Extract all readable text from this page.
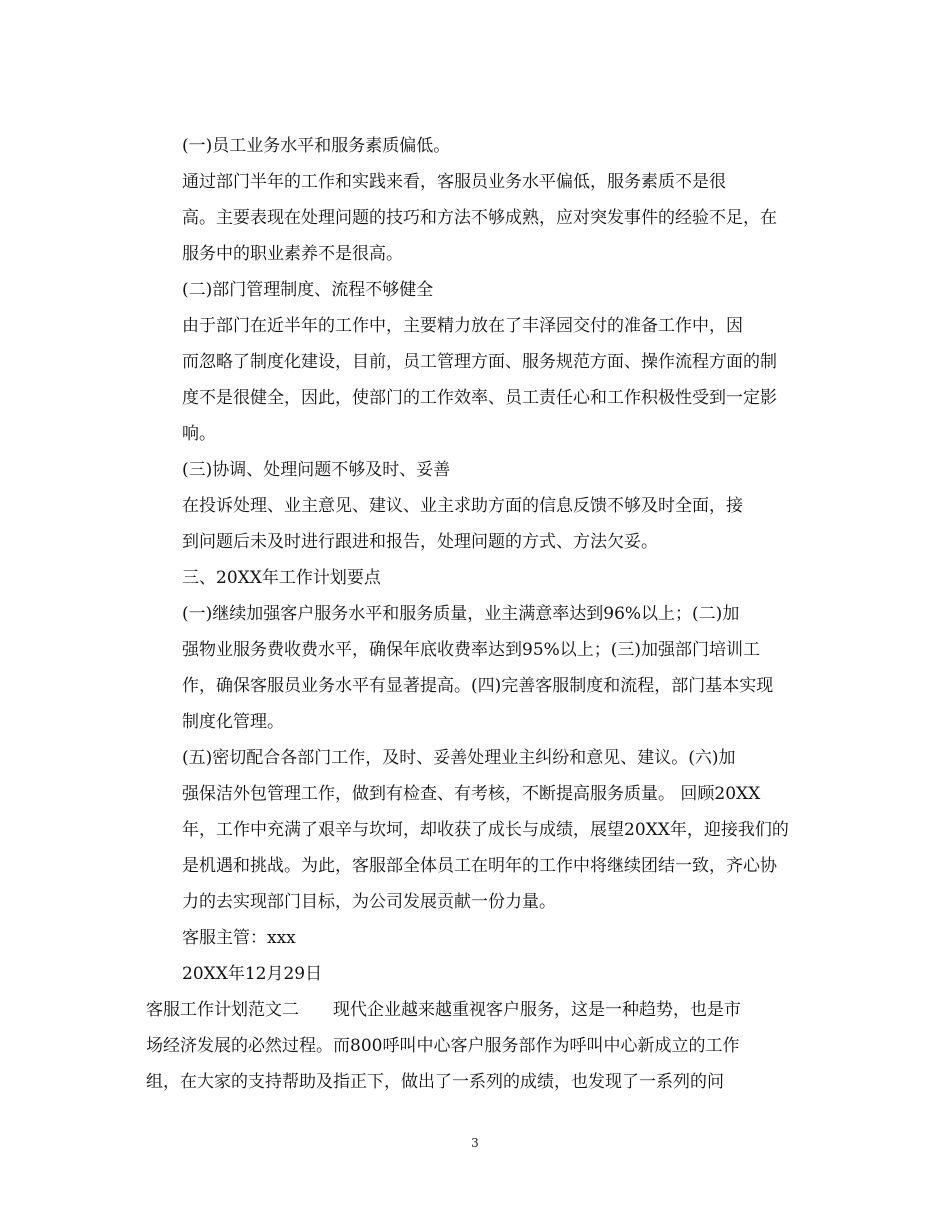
(一)员工业务水平和服务素质偏低。
通过部门半年的工作和实践来看，客服员业务水平偏低，服务素质不是很
高。主要表现在处理问题的技巧和方法不够成熟，应对突发事件的经验不足，在
服务中的职业素养不是很高。
(二)部门管理制度、流程不够健全
由于部门在近半年的工作中，主要精力放在了丰泽园交付的准备工作中，因
而忽略了制度化建设，目前，员工管理方面、服务规范方面、操作流程方面的制
度不是很健全，因此，使部门的工作效率、员工责任心和工作积极性受到一定影
响。
(三)协调、处理问题不够及时、妥善
在投诉处理、业主意见、建议、业主求助方面的信息反馈不够及时全面，接
到问题后未及时进行跟进和报告，处理问题的方式、方法欠妥。
三、20XX年工作计划要点
(一)继续加强客户服务水平和服务质量，业主满意率达到96%以上；(二)加
强物业服务费收费水平，确保年底收费率达到95%以上；(三)加强部门培训工
作，确保客服员业务水平有显著提高。(四)完善客服制度和流程，部门基本实现
制度化管理。
(五)密切配合各部门工作，及时、妥善处理业主纠纷和意见、建议。(六)加
强保洁外包管理工作，做到有检查、有考核，不断提高服务质量。 回顾20XX
年，工作中充满了艰辛与坎坷，却收获了成长与成绩，展望20XX年，迎接我们的
是机遇和挑战。为此，客服部全体员工在明年的工作中将继续团结一致，齐心协
力的去实现部门目标，为公司发展贡献一份力量。
客服主管：xxx
20XX年12月29日
客服工作计划范文二　　现代企业越来越重视客户服务，这是一种趋势，也是市
场经济发展的必然过程。而800呼叫中心客户服务部作为呼叫中心新成立的工作
组，在大家的支持帮助及指正下，做出了一系列的成绩，也发现了一系列的问
3
